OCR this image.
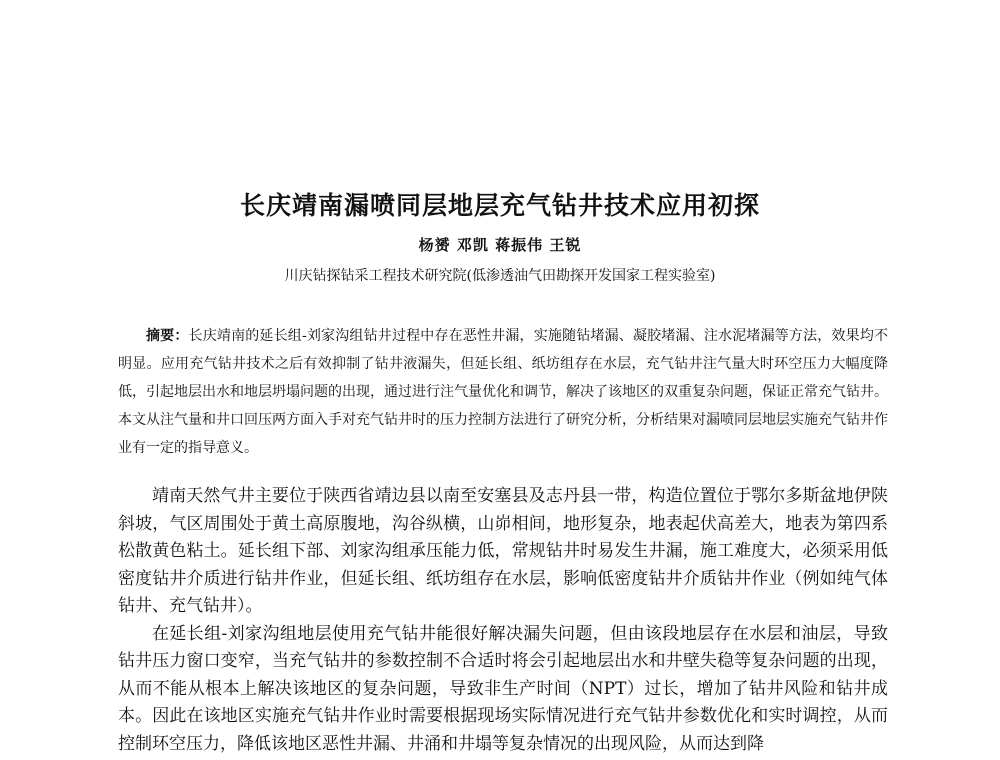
长庆靖南漏喷同层地层充气钻井技术应用初探

杨赟 邓凯 蒋振伟 王锐

川庆钻探钻采工程技术研究院(低渗透油气田勘探开发国家工程实验室)

摘要：长庆靖南的延长组-刘家沟组钻井过程中存在恶性井漏，实施随钻堵漏、凝胶堵漏、注水泥堵漏等方法，效果均不明显。应用充气钻井技术之后有效抑制了钻井液漏失，但延长组、纸坊组存在水层，充气钻井注气量大时环空压力大幅度降低，引起地层出水和地层坍塌问题的出现，通过进行注气量优化和调节，解决了该地区的双重复杂问题，保证正常充气钻井。本文从注气量和井口回压两方面入手对充气钻井时的压力控制方法进行了研究分析，分析结果对漏喷同层地层实施充气钻井作业有一定的指导意义。

靖南天然气井主要位于陕西省靖边县以南至安塞县及志丹县一带，构造位置位于鄂尔多斯盆地伊陕斜坡，气区周围处于黄土高原腹地，沟谷纵横，山峁相间，地形复杂，地表起伏高差大，地表为第四系松散黄色粘土。延长组下部、刘家沟组承压能力低，常规钻井时易发生井漏，施工难度大，必须采用低密度钻井介质进行钻井作业，但延长组、纸坊组存在水层，影响低密度钻井介质钻井作业（例如纯气体钻井、充气钻井）。

在延长组-刘家沟组地层使用充气钻井能很好解决漏失问题，但由该段地层存在水层和油层，导致钻井压力窗口变窄，当充气钻井的参数控制不合适时将会引起地层出水和井壁失稳等复杂问题的出现，从而不能从根本上解决该地区的复杂问题，导致非生产时间（NPT）过长，增加了钻井风险和钻井成本。因此在该地区实施充气钻井作业时需要根据现场实际情况进行充气钻井参数优化和实时调控，从而控制环空压力，降低该地区恶性井漏、井涌和井塌等复杂情况的出现风险，从而达到降
